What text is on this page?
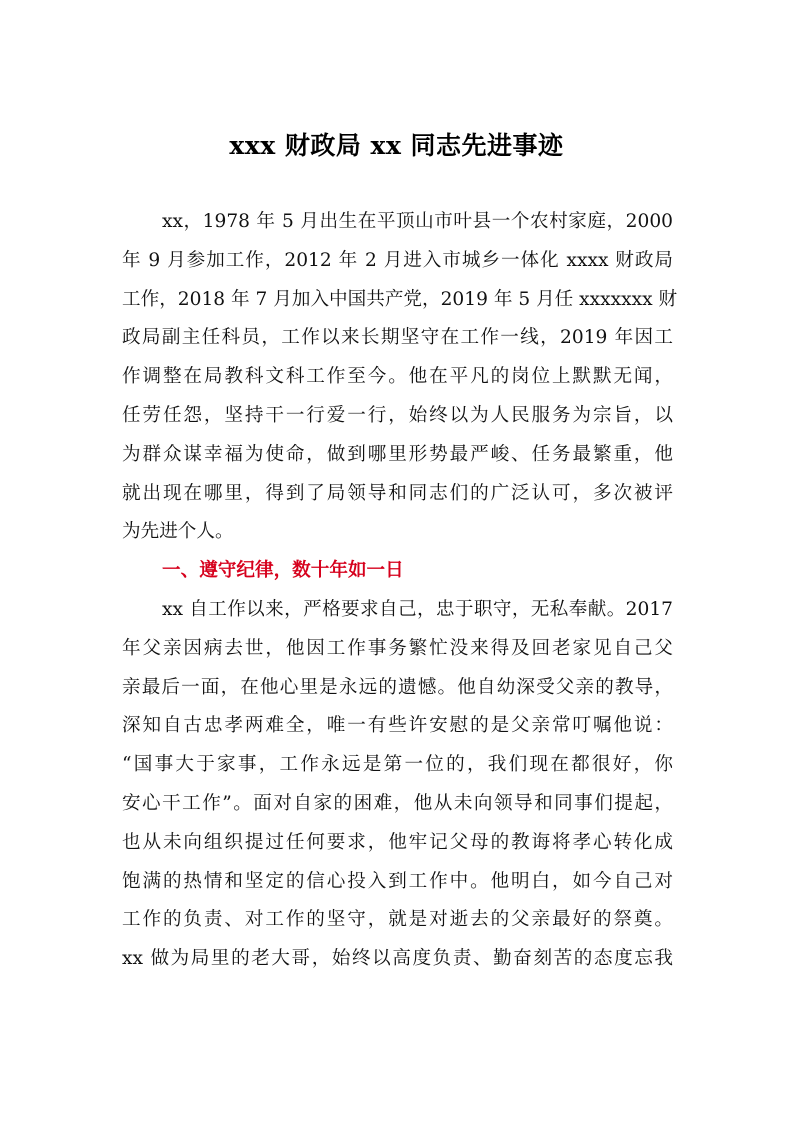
xxx 财政局 xx 同志先进事迹
xx，1978 年 5 月出生在平顶山市叶县一个农村家庭，2000
年 9 月参加工作，2012 年 2 月进入市城乡一体化 xxxx 财政局
工作，2018 年 7 月加入中国共产党，2019 年 5 月任 xxxxxxx 财
政局副主任科员，工作以来长期坚守在工作一线，2019 年因工
作调整在局教科文科工作至今。他在平凡的岗位上默默无闻，
任劳任怨，坚持干一行爱一行，始终以为人民服务为宗旨，以
为群众谋幸福为使命，做到哪里形势最严峻、任务最繁重，他
就出现在哪里，得到了局领导和同志们的广泛认可，多次被评
为先进个人。
一、遵守纪律，数十年如一日
xx 自工作以来，严格要求自己，忠于职守，无私奉献。2017
年父亲因病去世，他因工作事务繁忙没来得及回老家见自己父
亲最后一面，在他心里是永远的遗憾。他自幼深受父亲的教导，
深知自古忠孝两难全，唯一有些许安慰的是父亲常叮嘱他说：
“国事大于家事，工作永远是第一位的，我们现在都很好，你
安心干工作”。面对自家的困难，他从未向领导和同事们提起，
也从未向组织提过任何要求，他牢记父母的教诲将孝心转化成
饱满的热情和坚定的信心投入到工作中。他明白，如今自己对
工作的负责、对工作的坚守，就是对逝去的父亲最好的祭奠。
xx 做为局里的老大哥，始终以高度负责、勤奋刻苦的态度忘我
